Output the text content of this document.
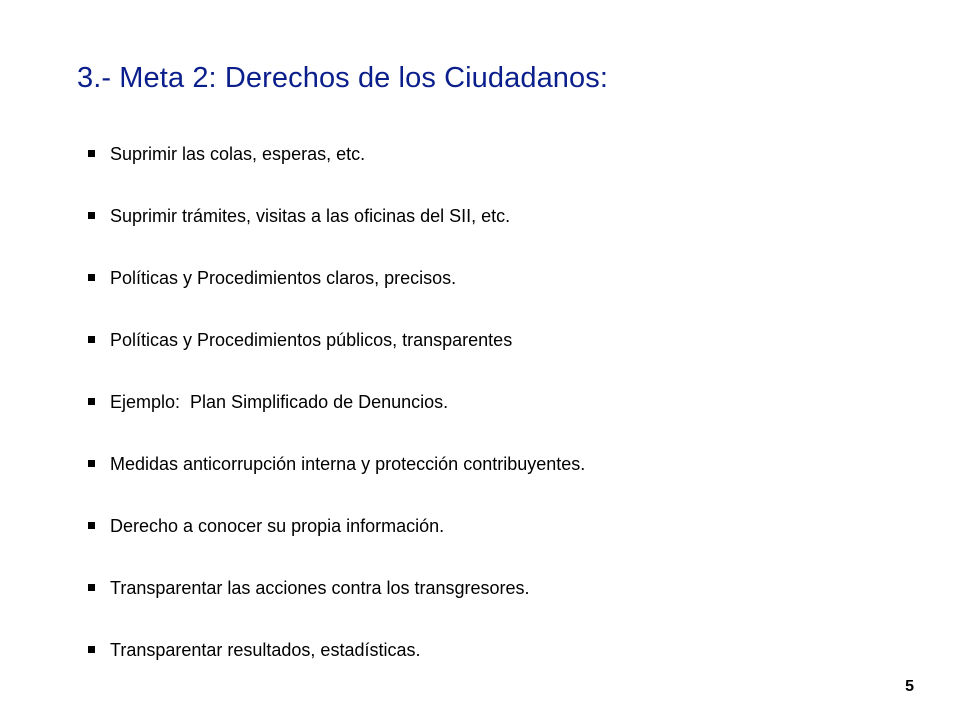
3.- Meta 2: Derechos de los Ciudadanos:
Suprimir las colas, esperas, etc.
Suprimir trámites, visitas a las oficinas del SII, etc.
Políticas y Procedimientos claros, precisos.
Políticas y Procedimientos públicos, transparentes
Ejemplo:  Plan Simplificado de Denuncios.
Medidas anticorrupción interna y protección contribuyentes.
Derecho a conocer su propia información.
Transparentar las acciones contra los transgresores.
Transparentar resultados, estadísticas.
5
